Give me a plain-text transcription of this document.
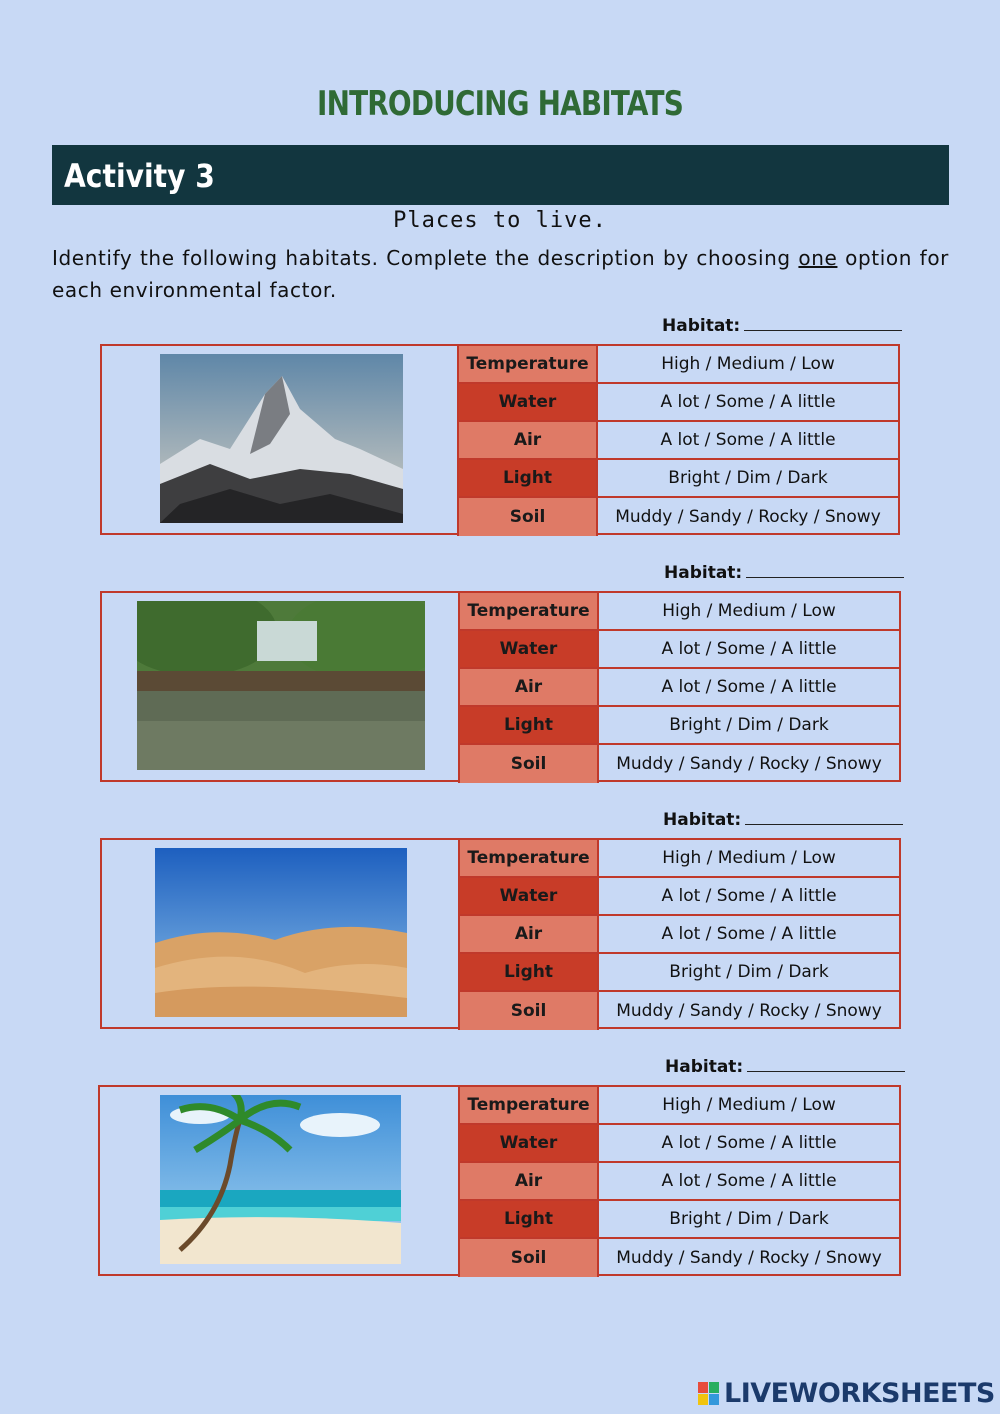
INTRODUCING HABITATS
Activity 3
Places to live.
Identify the following habitats. Complete the description by choosing one option for each environmental factor.
Habitat:
Temperature	High / Medium / Low
Water	A lot / Some / A little
Air	A lot / Some / A little
Light	Bright / Dim / Dark
Soil	Muddy / Sandy / Rocky / Snowy
Habitat:
Temperature	High / Medium / Low
Water	A lot / Some / A little
Air	A lot / Some / A little
Light	Bright / Dim / Dark
Soil	Muddy / Sandy / Rocky / Snowy
Habitat:
Temperature	High / Medium / Low
Water	A lot / Some / A little
Air	A lot / Some / A little
Light	Bright / Dim / Dark
Soil	Muddy / Sandy / Rocky / Snowy
Habitat:
Temperature	High / Medium / Low
Water	A lot / Some / A little
Air	A lot / Some / A little
Light	Bright / Dim / Dark
Soil	Muddy / Sandy / Rocky / Snowy
LIVEWORKSHEETS
